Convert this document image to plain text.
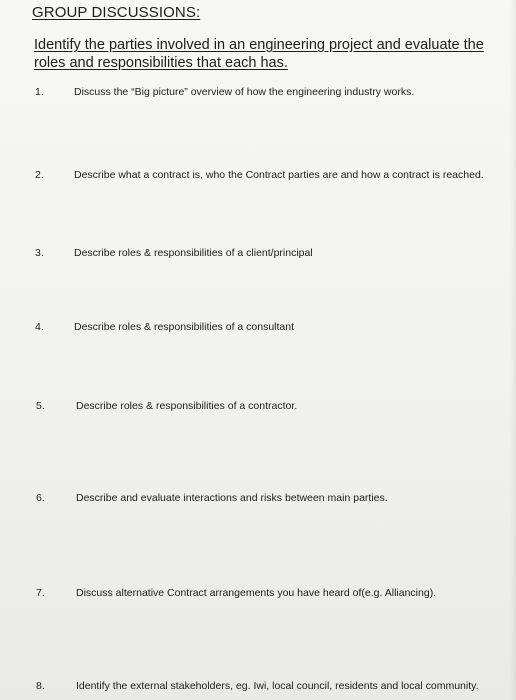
GROUP DISCUSSIONS:
Identify the parties involved in an engineering project and evaluate the roles and responsibilities that each has.
1.	Discuss the “Big picture” overview of how the engineering industry works.
2.	Describe what a contract is, who the Contract parties are and how a contract is reached.
3.	Describe roles & responsibilities of a client/principal
4.	Describe roles & responsibilities of a consultant
5.	Describe roles & responsibilities of a contractor.
6.	Describe and evaluate interactions and risks between main parties.
7.	Discuss alternative Contract arrangements you have heard of(e.g. Alliancing).
8.	Identify the external stakeholders, eg. Iwi, local council, residents and local community.
